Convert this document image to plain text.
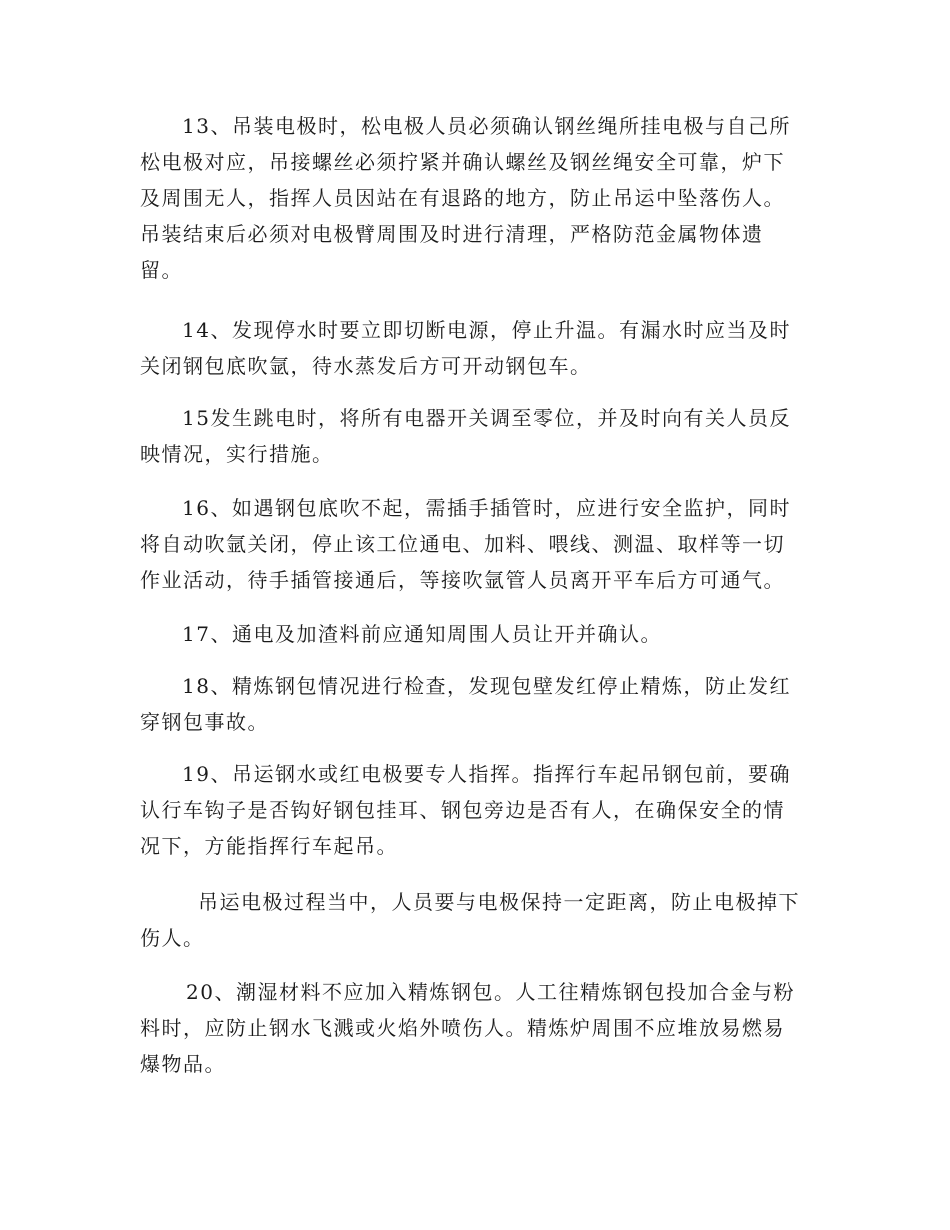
13、吊装电极时，松电极人员必须确认钢丝绳所挂电极与自己所
松电极对应，吊接螺丝必须拧紧并确认螺丝及钢丝绳安全可靠，炉下
及周围无人，指挥人员因站在有退路的地方，防止吊运中坠落伤人。
吊装结束后必须对电极臂周围及时进行清理，严格防范金属物体遗
留。
14、发现停水时要立即切断电源，停止升温。有漏水时应当及时
关闭钢包底吹氩，待水蒸发后方可开动钢包车。
15发生跳电时，将所有电器开关调至零位，并及时向有关人员反
映情况，实行措施。
16、如遇钢包底吹不起，需插手插管时，应进行安全监护，同时
将自动吹氩关闭，停止该工位通电、加料、喂线、测温、取样等一切
作业活动，待手插管接通后，等接吹氩管人员离开平车后方可通气。
17、通电及加渣料前应通知周围人员让开并确认。
18、精炼钢包情况进行检查，发现包壁发红停止精炼，防止发红
穿钢包事故。
19、吊运钢水或红电极要专人指挥。指挥行车起吊钢包前，要确
认行车钩子是否钩好钢包挂耳、钢包旁边是否有人，在确保安全的情
况下，方能指挥行车起吊。
吊运电极过程当中，人员要与电极保持一定距离，防止电极掉下
伤人。
20、潮湿材料不应加入精炼钢包。人工往精炼钢包投加合金与粉
料时，应防止钢水飞溅或火焰外喷伤人。精炼炉周围不应堆放易燃易
爆物品。
